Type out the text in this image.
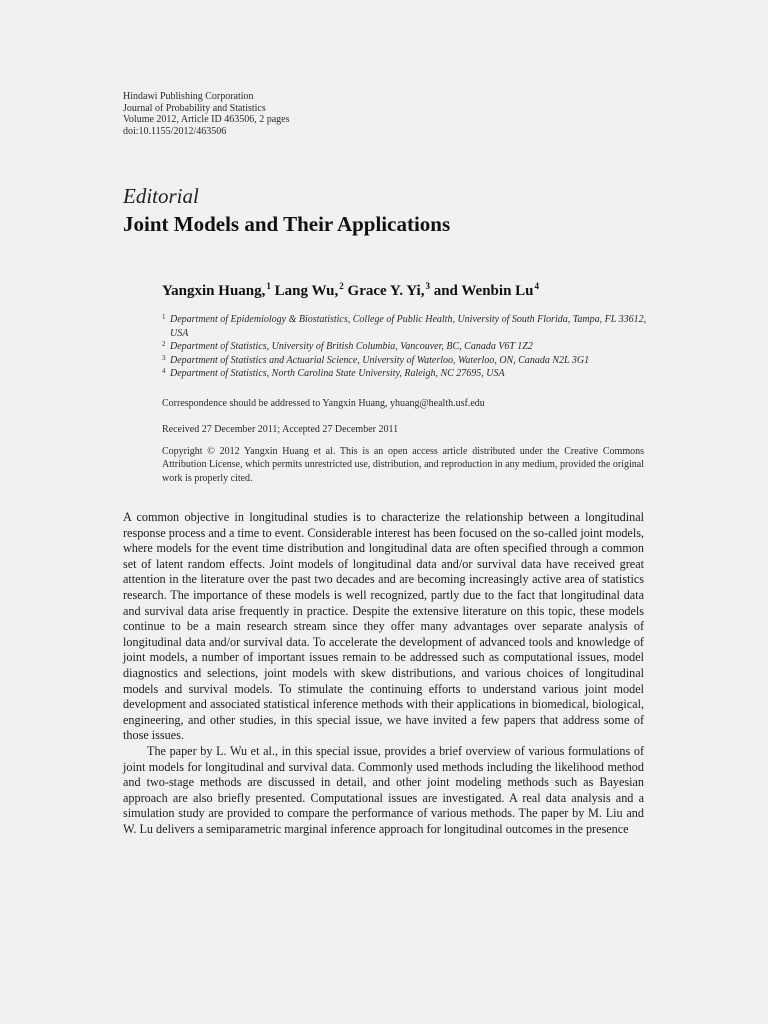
Hindawi Publishing Corporation
Journal of Probability and Statistics
Volume 2012, Article ID 463506, 2 pages
doi:10.1155/2012/463506
Editorial
Joint Models and Their Applications
Yangxin Huang,$^1$ Lang Wu,$^2$ Grace Y. Yi,$^3$ and Wenbin Lu$^4$
1 Department of Epidemiology & Biostatistics, College of Public Health, University of South Florida, Tampa, FL 33612, USA
2 Department of Statistics, University of British Columbia, Vancouver, BC, Canada V6T 1Z2
3 Department of Statistics and Actuarial Science, University of Waterloo, Waterloo, ON, Canada N2L 3G1
4 Department of Statistics, North Carolina State University, Raleigh, NC 27695, USA
Correspondence should be addressed to Yangxin Huang, yhuang@health.usf.edu
Received 27 December 2011; Accepted 27 December 2011
Copyright © 2012 Yangxin Huang et al. This is an open access article distributed under the Creative Commons Attribution License, which permits unrestricted use, distribution, and reproduction in any medium, provided the original work is properly cited.

A common objective in longitudinal studies is to characterize the relationship between a longitudinal response process and a time to event. Considerable interest has been focused on the so-called joint models, where models for the event time distribution and longitudinal data are often specified through a common set of latent random effects. Joint models of longitudinal data and/or survival data have received great attention in the literature over the past two decades and are becoming increasingly active area of statistics research. The importance of these models is well recognized, partly due to the fact that longitudinal data and survival data arise frequently in practice. Despite the extensive literature on this topic, these models continue to be a main research stream since they offer many advantages over separate analysis of longitudinal data and/or survival data. To accelerate the development of advanced tools and knowledge of joint models, a number of important issues remain to be addressed such as computational issues, model diagnostics and selections, joint models with skew distributions, and various choices of longitudinal models and survival models. To stimulate the continuing efforts to understand various joint model development and associated statistical inference methods with their applications in biomedical, biological, engineering, and other studies, in this special issue, we have invited a few papers that address some of those issues.

The paper by L. Wu et al., in this special issue, provides a brief overview of various formulations of joint models for longitudinal and survival data. Commonly used methods including the likelihood method and two-stage methods are discussed in detail, and other joint modeling methods such as Bayesian approach are also briefly presented. Computational issues are investigated. A real data analysis and a simulation study are provided to compare the performance of various methods. The paper by M. Liu and W. Lu delivers a semiparametric marginal inference approach for longitudinal outcomes in the presence
